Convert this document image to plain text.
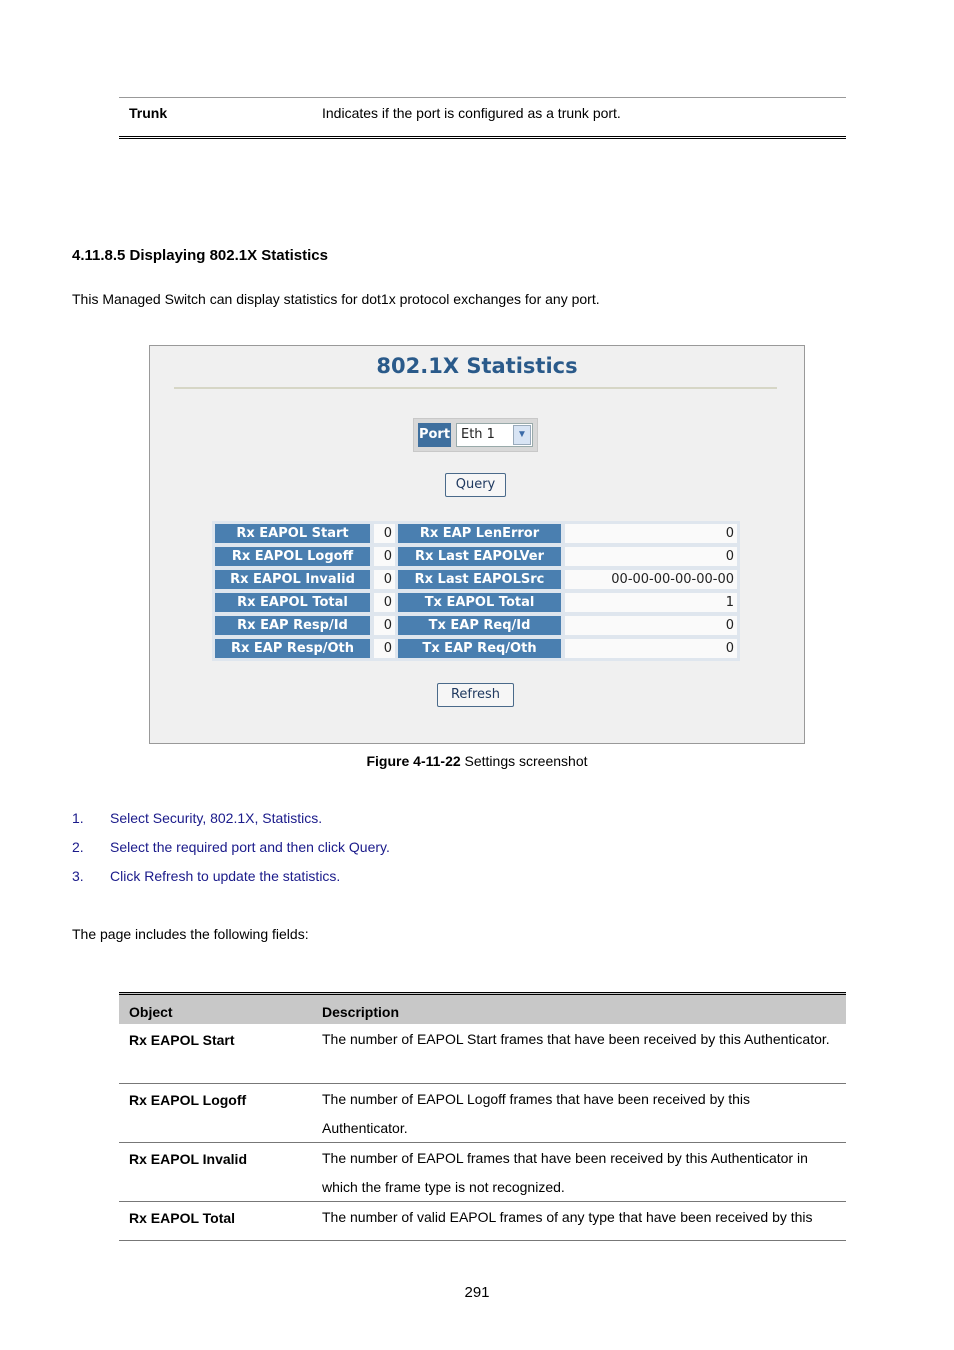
Trunk	Indicates if the port is configured as a trunk port.
4.11.8.5 Displaying 802.1X Statistics
This Managed Switch can display statistics for dot1x protocol exchanges for any port.
802.1X Statistics
Port Eth 1	▼
Query
Rx EAPOL Start	0	Rx EAP LenError	0
Rx EAPOL Logoff	0	Rx Last EAPOLVer	0
Rx EAPOL Invalid	0	Rx Last EAPOLSrc	00-00-00-00-00-00
Rx EAPOL Total	0	Tx EAPOL Total	1
Rx EAP Resp/Id	0	Tx EAP Req/Id	0
Rx EAP Resp/Oth	0	Tx EAP Req/Oth	0
Refresh
Figure 4-11-22 Settings screenshot
1. Select Security, 802.1X, Statistics.
2. Select the required port and then click Query.
3. Click Refresh to update the statistics.
The page includes the following fields:
Object	Description
Rx EAPOL Start	The number of EAPOL Start frames that have been received by this Authenticator.
Rx EAPOL Logoff	The number of EAPOL Logoff frames that have been received by this Authenticator.
Rx EAPOL Invalid	The number of EAPOL frames that have been received by this Authenticator in which the frame type is not recognized.
Rx EAPOL Total	The number of valid EAPOL frames of any type that have been received by this
291
